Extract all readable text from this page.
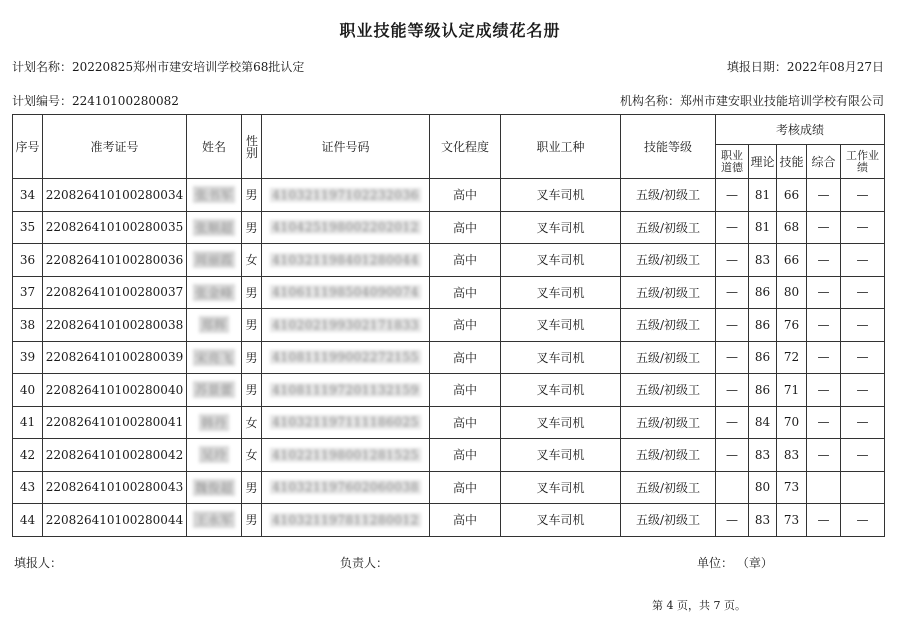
职业技能等级认定成绩花名册
计划名称：20220825郑州市建安培训学校第68批认定	填报日期：2022年08月27日
计划编号：22410100280082	机构名称：郑州市建安职业技能培训学校有限公司
序号	准考证号	姓名	性别	证件号码	文化程度	职业工种	技能等级	考核成绩				
								职业道德	理论	技能	综合	工作业绩
34	220826410100280034	张书军	男	410321197102232036	高中	叉车司机	五级/初级工	—	81	66	—	—
35	220826410100280035	张顺超	男	410425198002202012	高中	叉车司机	五级/初级工	—	81	68	—	—
36	220826410100280036	周丽霞	女	410321198401280044	高中	叉车司机	五级/初级工	—	83	66	—	—
37	220826410100280037	张金峰	男	410611198504090074	高中	叉车司机	五级/初级工	—	86	80	—	—
38	220826410100280038	郑辉	男	410202199302171833	高中	叉车司机	五级/初级工	—	86	76	—	—
39	220826410100280039	宋亮飞	男	410811199002272155	高中	叉车司机	五级/初级工	—	86	72	—	—
40	220826410100280040	苏景蕾	男	410811197201132159	高中	叉车司机	五级/初级工	—	86	71	—	—
41	220826410100280041	韩丹	女	410321197111186025	高中	叉车司机	五级/初级工	—	84	70	—	—
42	220826410100280042	吴玲	女	410221198001281525	高中	叉车司机	五级/初级工	—	83	83	—	—
43	220826410100280043	魏俊超	男	410321197602060038	高中	叉车司机	五级/初级工		80	73		
44	220826410100280044	王永军	男	410321197811280012	高中	叉车司机	五级/初级工	—	83	73	—	—
填报人：	负责人：	单位： （章）
第 4 页，共 7 页。
